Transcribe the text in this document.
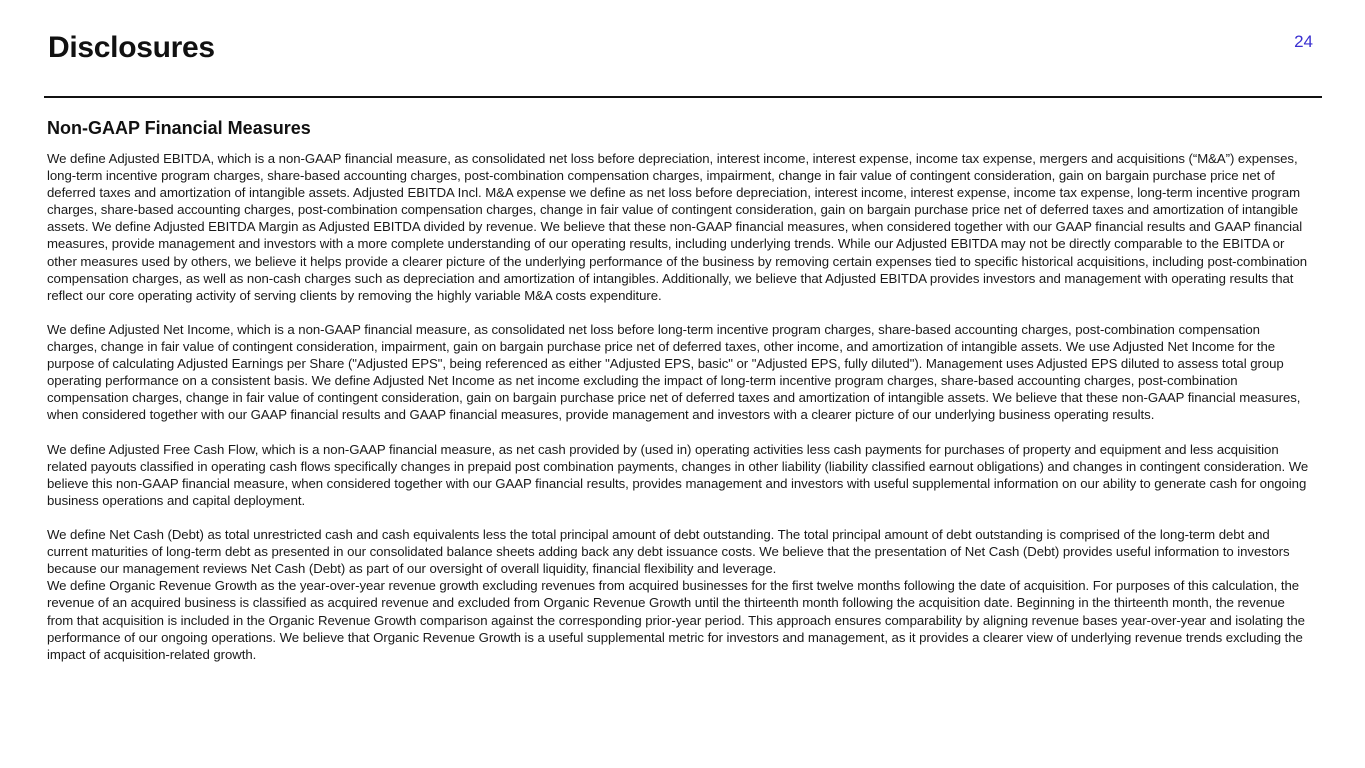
Disclosures	24
Non-GAAP Financial Measures

We define Adjusted EBITDA, which is a non-GAAP financial measure, as consolidated net loss before depreciation, interest income, interest expense, income tax expense, mergers and acquisitions (“M&A”) expenses, long-term incentive program charges, share-based accounting charges, post-combination compensation charges, impairment, change in fair value of contingent consideration, gain on bargain purchase price net of deferred taxes and amortization of intangible assets. Adjusted EBITDA Incl. M&A expense we define as net loss before depreciation, interest income, interest expense, income tax expense, long-term incentive program charges, share-based accounting charges, post-combination compensation charges, change in fair value of contingent consideration, gain on bargain purchase price net of deferred taxes and amortization of intangible assets. We define Adjusted EBITDA Margin as Adjusted EBITDA divided by revenue. We believe that these non-GAAP financial measures, when considered together with our GAAP financial results and GAAP financial measures, provide management and investors with a more complete understanding of our operating results, including underlying trends. While our Adjusted EBITDA may not be directly comparable to the EBITDA or other measures used by others, we believe it helps provide a clearer picture of the underlying performance of the business by removing certain expenses tied to specific historical acquisitions, including post-combination compensation charges, as well as non-cash charges such as depreciation and amortization of intangibles. Additionally, we believe that Adjusted EBITDA provides investors and management with operating results that reflect our core operating activity of serving clients by removing the highly variable M&A costs expenditure.

We define Adjusted Net Income, which is a non-GAAP financial measure, as consolidated net loss before long-term incentive program charges, share-based accounting charges, post-combination compensation charges, change in fair value of contingent consideration, impairment, gain on bargain purchase price net of deferred taxes, other income, and amortization of intangible assets. We use Adjusted Net Income for the purpose of calculating Adjusted Earnings per Share ("Adjusted EPS", being referenced as either "Adjusted EPS, basic" or "Adjusted EPS, fully diluted"). Management uses Adjusted EPS diluted to assess total group operating performance on a consistent basis. We define Adjusted Net Income as net income excluding the impact of long-term incentive program charges, share-based accounting charges, post-combination compensation charges, change in fair value of contingent consideration, gain on bargain purchase price net of deferred taxes and amortization of intangible assets. We believe that these non-GAAP financial measures, when considered together with our GAAP financial results and GAAP financial measures, provide management and investors with a clearer picture of our underlying business operating results.

We define Adjusted Free Cash Flow, which is a non-GAAP financial measure, as net cash provided by (used in) operating activities less cash payments for purchases of property and equipment and less acquisition related payouts classified in operating cash flows specifically changes in prepaid post combination payments, changes in other liability (liability classified earnout obligations) and changes in contingent consideration. We believe this non-GAAP financial measure, when considered together with our GAAP financial results, provides management and investors with useful supplemental information on our ability to generate cash for ongoing business operations and capital deployment.

We define Net Cash (Debt) as total unrestricted cash and cash equivalents less the total principal amount of debt outstanding. The total principal amount of debt outstanding is comprised of the long-term debt and current maturities of long-term debt as presented in our consolidated balance sheets adding back any debt issuance costs. We believe that the presentation of Net Cash (Debt) provides useful information to investors because our management reviews Net Cash (Debt) as part of our oversight of overall liquidity, financial flexibility and leverage.

We define Organic Revenue Growth as the year-over-year revenue growth excluding revenues from acquired businesses for the first twelve months following the date of acquisition. For purposes of this calculation, the revenue of an acquired business is classified as acquired revenue and excluded from Organic Revenue Growth until the thirteenth month following the acquisition date. Beginning in the thirteenth month, the revenue from that acquisition is included in the Organic Revenue Growth comparison against the corresponding prior-year period. This approach ensures comparability by aligning revenue bases year-over-year and isolating the performance of our ongoing operations. We believe that Organic Revenue Growth is a useful supplemental metric for investors and management, as it provides a clearer view of underlying revenue trends excluding the impact of acquisition-related growth.
